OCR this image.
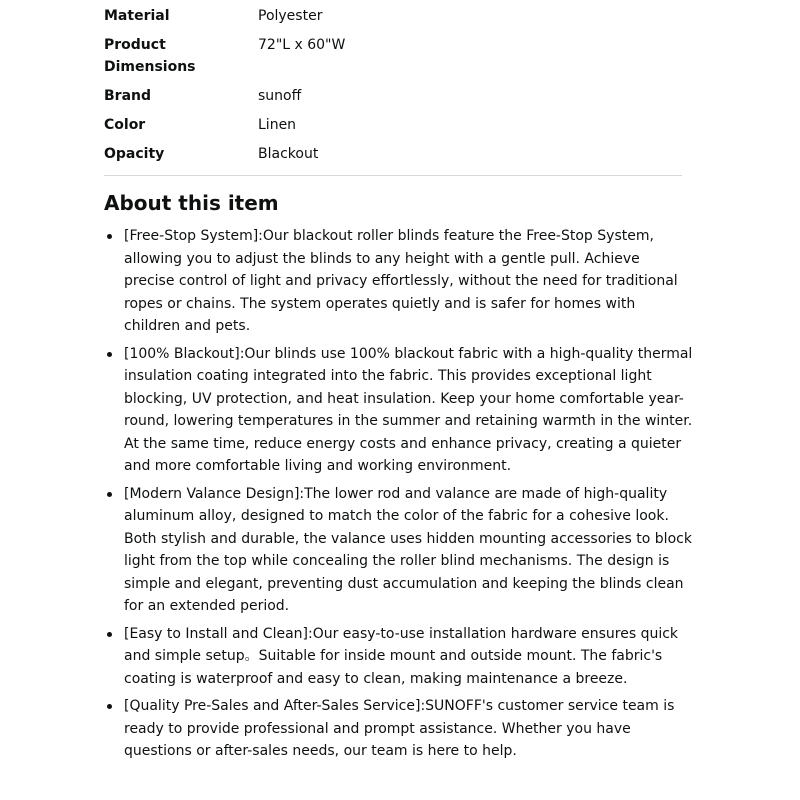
Material	Polyester
Product Dimensions	72"L x 60"W
Brand	sunoff
Color	Linen
Opacity	Blackout
About this item
[Free-Stop System]:Our blackout roller blinds feature the Free-Stop System, allowing you to adjust the blinds to any height with a gentle pull. Achieve precise control of light and privacy effortlessly, without the need for traditional ropes or chains. The system operates quietly and is safer for homes with children and pets.
[100% Blackout]:Our blinds use 100% blackout fabric with a high-quality thermal insulation coating integrated into the fabric. This provides exceptional light blocking, UV protection, and heat insulation. Keep your home comfortable year-round, lowering temperatures in the summer and retaining warmth in the winter. At the same time, reduce energy costs and enhance privacy, creating a quieter and more comfortable living and working environment.
[Modern Valance Design]:The lower rod and valance are made of high-quality aluminum alloy, designed to match the color of the fabric for a cohesive look. Both stylish and durable, the valance uses hidden mounting accessories to block light from the top while concealing the roller blind mechanisms. The design is simple and elegant, preventing dust accumulation and keeping the blinds clean for an extended period.
[Easy to Install and Clean]:Our easy-to-use installation hardware ensures quick and simple setup。Suitable for inside mount and outside mount. The fabric's coating is waterproof and easy to clean, making maintenance a breeze.
[Quality Pre-Sales and After-Sales Service]:SUNOFF's customer service team is ready to provide professional and prompt assistance. Whether you have questions or after-sales needs, our team is here to help.
